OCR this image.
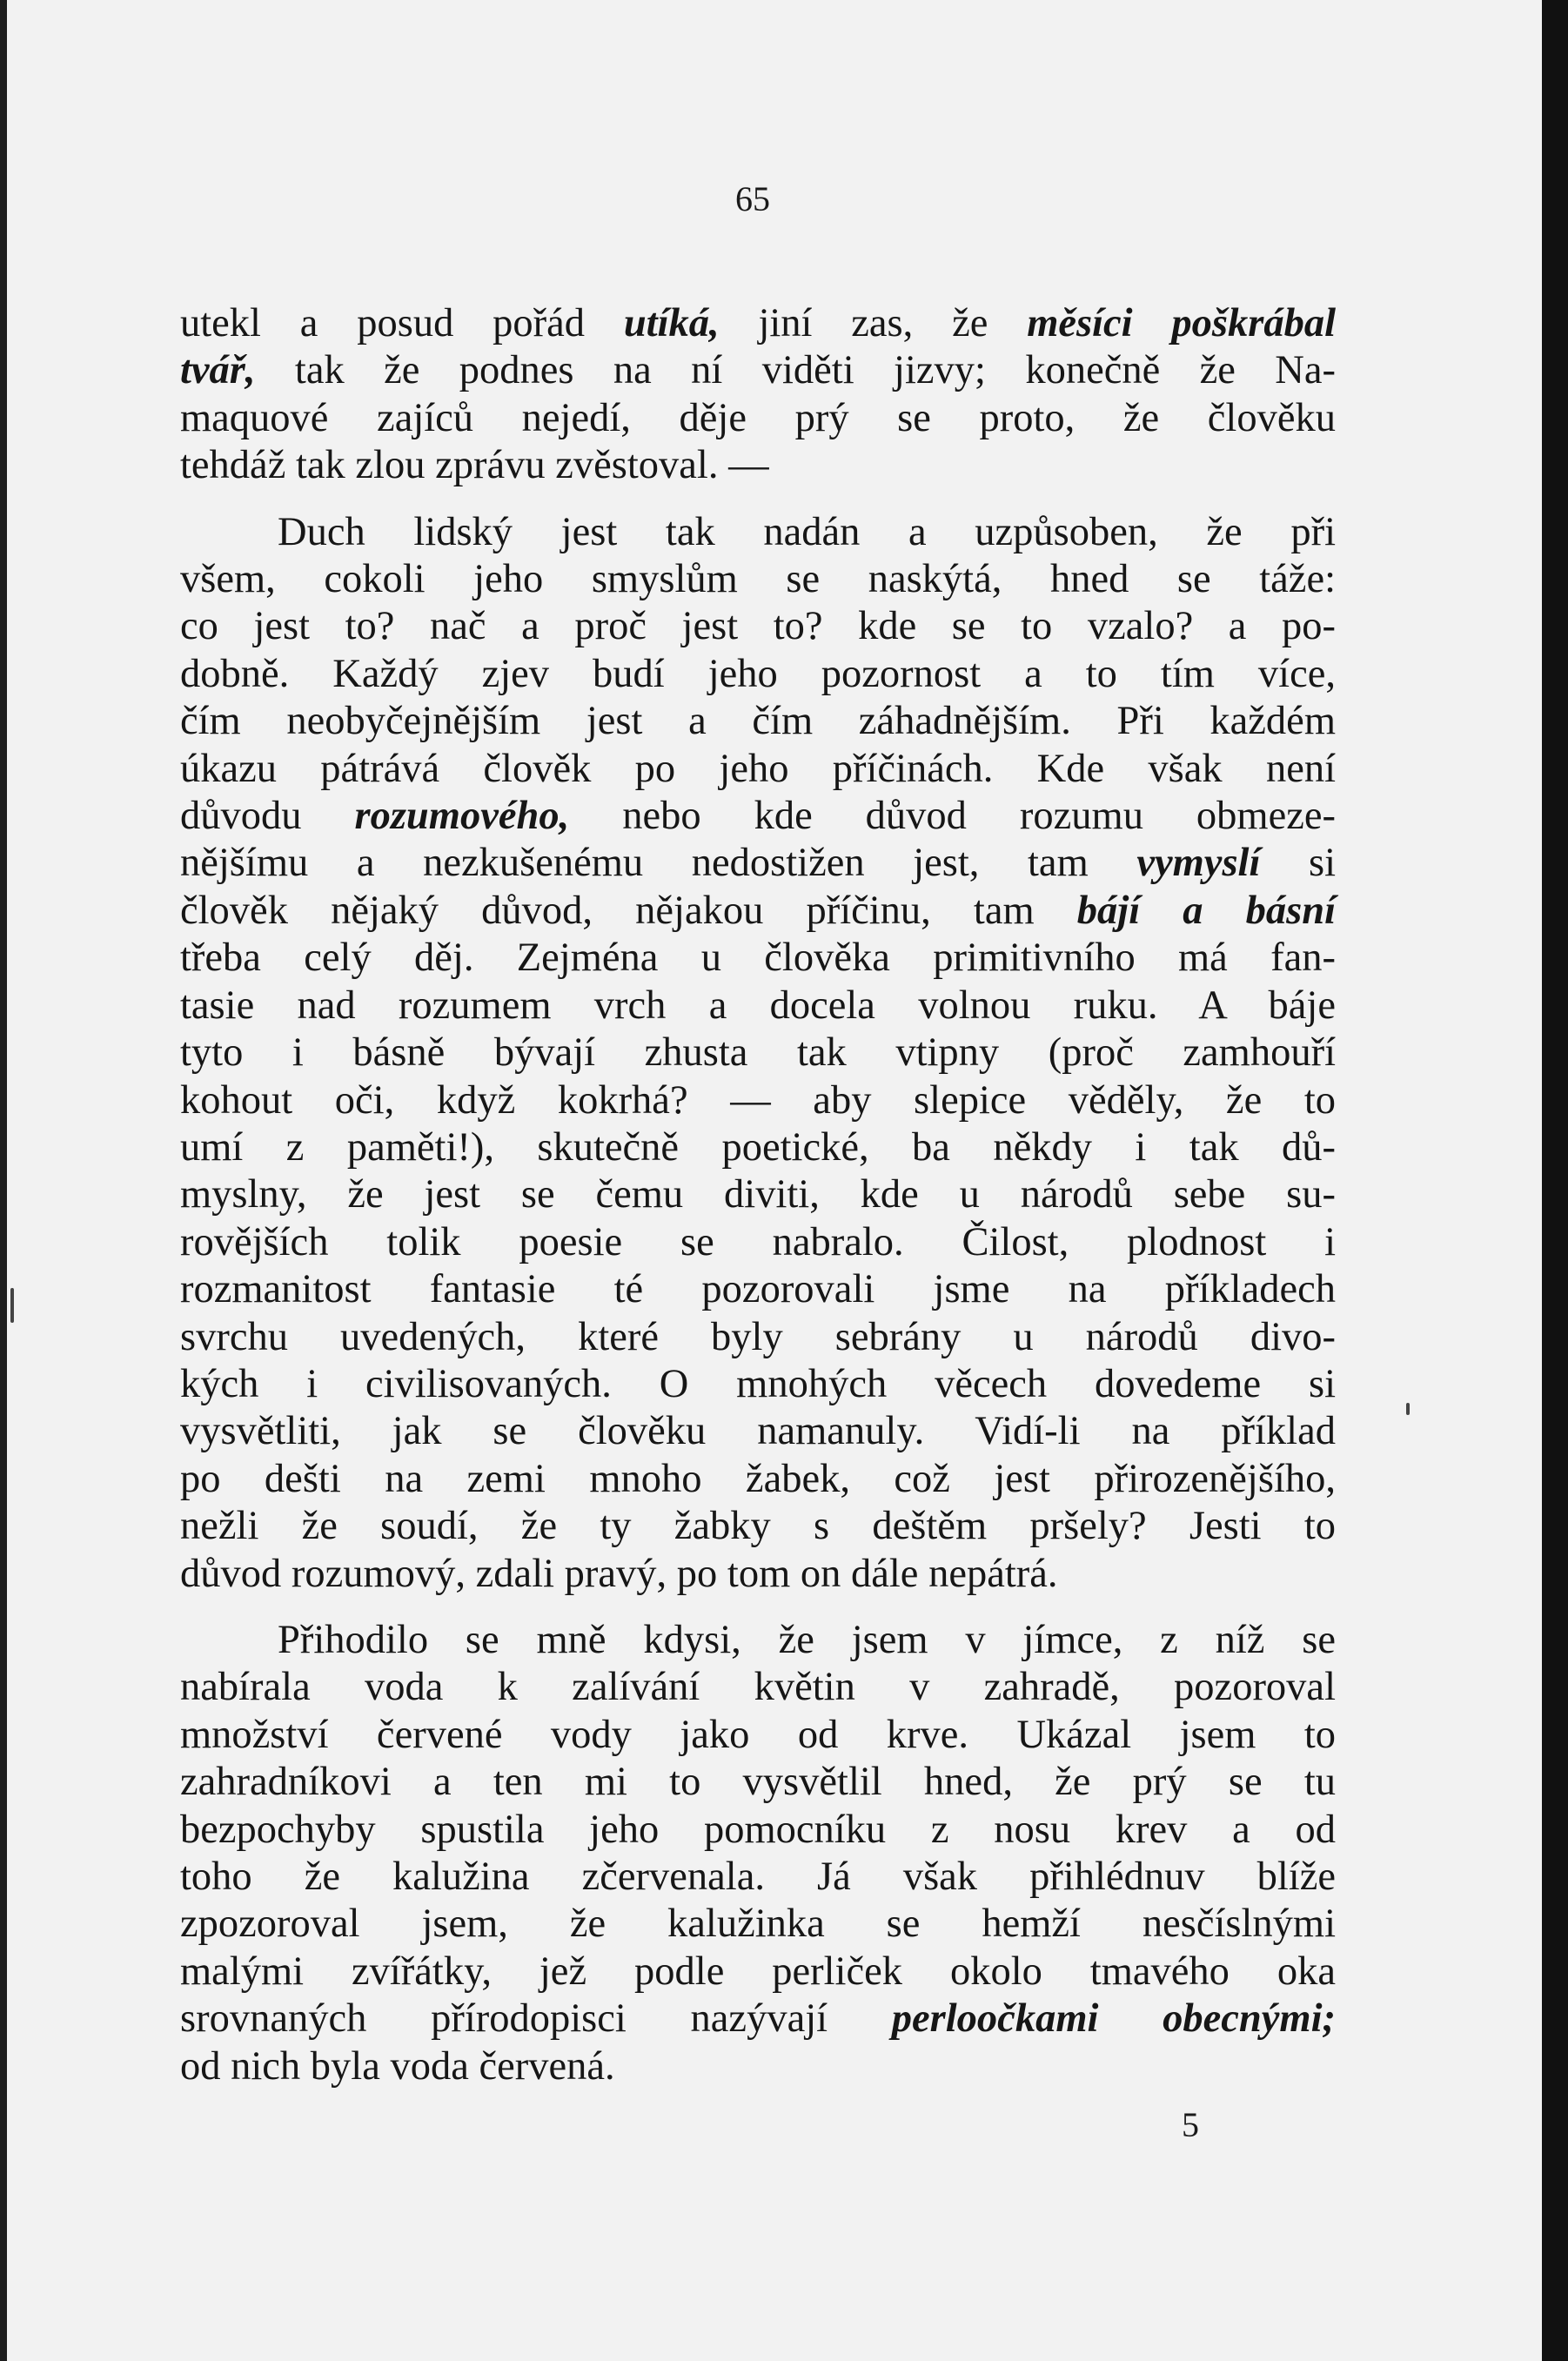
65
utekl a posud pořád utíká, jiní zas, že měsíci poškrábal
tvář, tak že podnes na ní viděti jizvy; konečně že Na-
maquové zajíců nejedí, děje prý se proto, že člověku
tehdáž tak zlou zprávu zvěstoval. —
Duch lidský jest tak nadán a uzpůsoben, že při
všem, cokoli jeho smyslům se naskýtá, hned se táže:
co jest to? nač a proč jest to? kde se to vzalo? a po-
dobně. Každý zjev budí jeho pozornost a to tím více,
čím neobyčejnějším jest a čím záhadnějším. Při každém
úkazu pátrává člověk po jeho příčinách. Kde však není
důvodu rozumového, nebo kde důvod rozumu obmeze-
nějšímu a nezkušenému nedostižen jest, tam vymyslí si
člověk nějaký důvod, nějakou příčinu, tam bájí a básní
třeba celý děj. Zejména u člověka primitivního má fan-
tasie nad rozumem vrch a docela volnou ruku. A báje
tyto i básně bývají zhusta tak vtipny (proč zamhouří
kohout oči, když kokrhá? — aby slepice věděly, že to
umí z paměti!), skutečně poetické, ba někdy i tak dů-
myslny, že jest se čemu diviti, kde u národů sebe su-
rovějších tolik poesie se nabralo. Čilost, plodnost i
rozmanitost fantasie té pozorovali jsme na příkladech
svrchu uvedených, které byly sebrány u národů divo-
kých i civilisovaných. O mnohých věcech dovedeme si
vysvětliti, jak se člověku namanuly. Vidí-li na příklad
po dešti na zemi mnoho žabek, což jest přirozenějšího,
nežli že soudí, že ty žabky s deštěm pršely? Jesti to
důvod rozumový, zdali pravý, po tom on dále nepátrá.
Přihodilo se mně kdysi, že jsem v jímce, z níž se
nabírala voda k zalívání květin v zahradě, pozoroval
množství červené vody jako od krve. Ukázal jsem to
zahradníkovi a ten mi to vysvětlil hned, že prý se tu
bezpochyby spustila jeho pomocníku z nosu krev a od
toho že kalužina zčervenala. Já však přihlédnuv blíže
zpozoroval jsem, že kalužinka se hemží nesčíslnými
malými zvířátky, jež podle perliček okolo tmavého oka
srovnaných přírodopisci nazývají perloočkami obecnými;
od nich byla voda červená.
5
